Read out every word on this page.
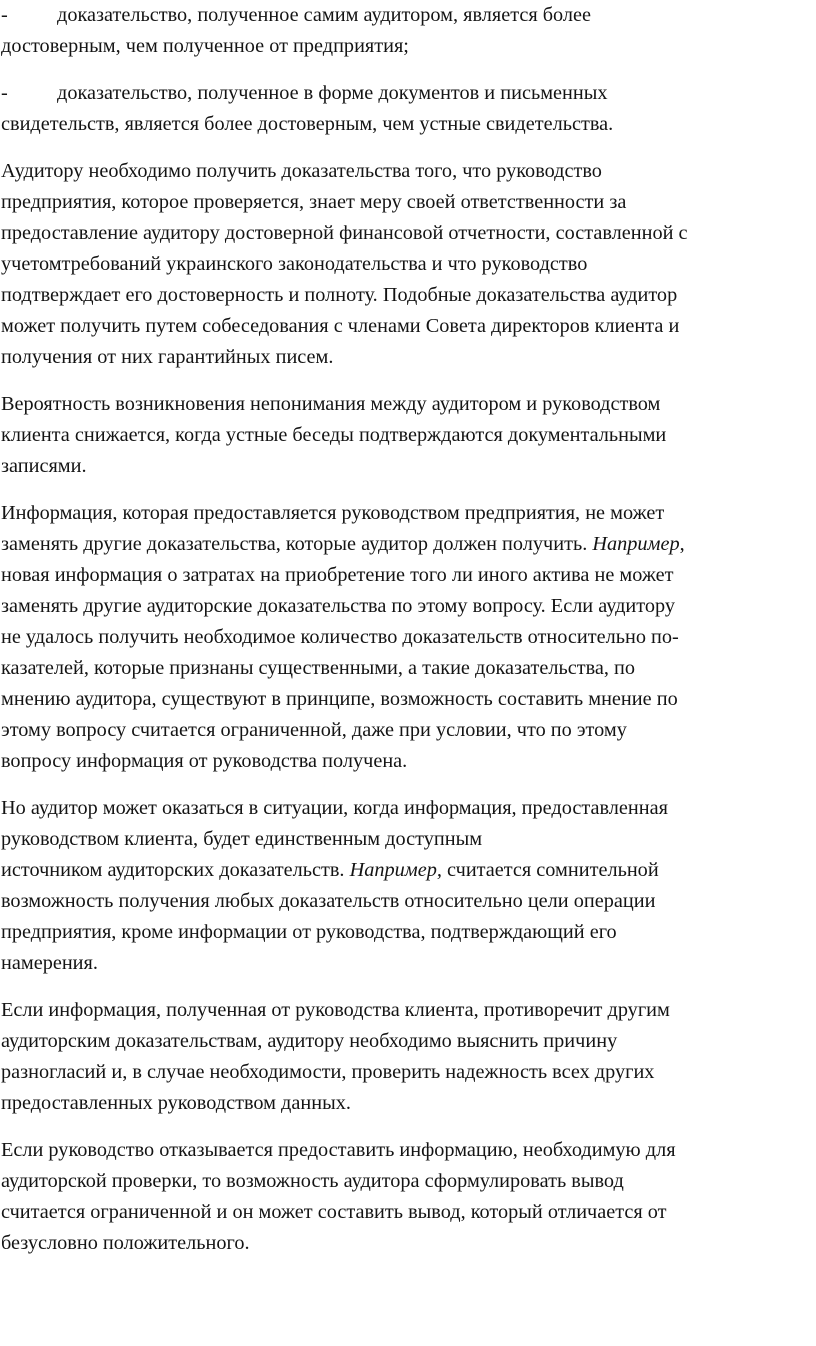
- доказательство, полученное самим аудитором, является более
достоверным, чем полученное от предприятия;
- доказательство, полученное в форме документов и письменных
свидетельств, является более достоверным, чем устные свидетельства.
Аудитору необходимо получить доказательства того, что руководство
предприятия, которое проверяется, знает меру своей ответственности за
предоставление аудитору достоверной финансовой отчетности, составленной с
учетомтребований украинского законодательства и что руководство
подтверждает его достоверность и полноту. Подобные доказательства аудитор
может получить путем собеседования с членами Совета директоров клиента и
получения от них гарантийных писем.
Вероятность возникновения непонимания между аудитором и руководством
клиента снижается, когда устные беседы подтверждаются документальными
записями.
Информация, которая предоставляется руководством предприятия, не может
заменять другие доказательства, которые аудитор должен получить. Например,
новая информация о затратах на приобретение того ли иного актива не может
заменять другие аудиторские доказательства по этому вопросу. Если аудитору
не удалось получить необходимое количество доказательств относительно по-
казателей, которые признаны существенными, а такие доказательства, по
мнению аудитора, существуют в принципе, возможность составить мнение по
этому вопросу считается ограниченной, даже при условии, что по этому
вопросу информация от руководства получена.
Но аудитор может оказаться в ситуации, когда информация, предоставленная
руководством клиента, будет единственным доступным
источником аудиторских доказательств. Например, считается сомнительной
возможность получения любых доказательств относительно цели операции
предприятия, кроме информации от руководства, подтверждающий его
намерения.
Если информация, полученная от руководства клиента, противоречит другим
аудиторским доказательствам, аудитору необходимо выяснить причину
разногласий и, в случае необходимости, проверить надежность всех других
предоставленных руководством данных.
Если руководство отказывается предоставить информацию, необходимую для
аудиторской проверки, то возможность аудитора сформулировать вывод
считается ограниченной и он может составить вывод, который отличается от
безусловно положительного.
